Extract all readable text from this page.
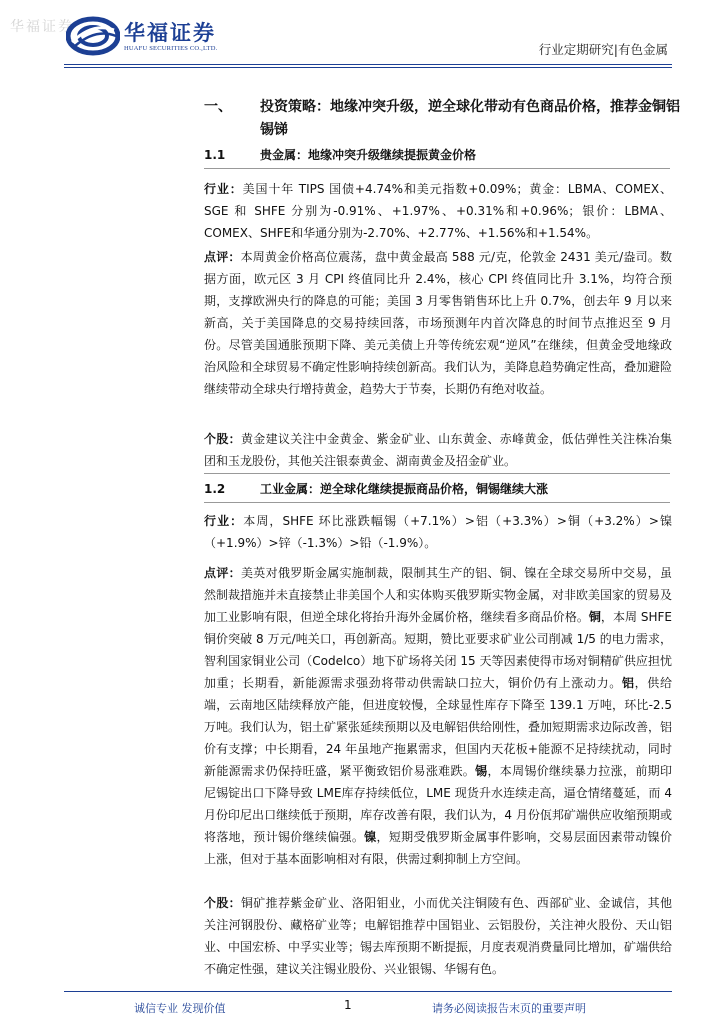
华福证券 华福证券
HUAFU SECURITIES CO.,LTD.	行业定期研究|有色金属
一、 投资策略：地缘冲突升级，逆全球化带动有色商品价格，推荐金铜铝锡锑
1.1	贵金属：地缘冲突升级继续提振黄金价格

行业：美国十年 TIPS 国债+4.74%和美元指数+0.09%；黄金：LBMA、COMEX、SGE 和 SHFE 分别为-0.91%、+1.97%、+0.31%和+0.96%；银价：LBMA、COMEX、SHFE和华通分别为-2.70%、+2.77%、+1.56%和+1.54%。

点评：本周黄金价格高位震荡，盘中黄金最高 588 元/克，伦敦金 2431 美元/盎司。数据方面，欧元区 3 月 CPI 终值同比升 2.4%，核心 CPI 终值同比升 3.1%，均符合预期，支撑欧洲央行的降息的可能；美国 3 月零售销售环比上升 0.7%，创去年 9 月以来新高，关于美国降息的交易持续回落，市场预测年内首次降息的时间节点推迟至 9 月份。尽管美国通胀预期下降、美元美债上升等传统宏观“逆风”在继续，但黄金受地缘政治风险和全球贸易不确定性影响持续创新高。我们认为，美降息趋势确定性高，叠加避险继续带动全球央行增持黄金，趋势大于节奏，长期仍有绝对收益。

个股：黄金建议关注中金黄金、紫金矿业、山东黄金、赤峰黄金，低估弹性关注株冶集团和玉龙股份，其他关注银泰黄金、湖南黄金及招金矿业。

1.2	工业金属：逆全球化继续提振商品价格，铜锡继续大涨

行业：本周，SHFE 环比涨跌幅锡（+7.1%）>铝（+3.3%）>铜（+3.2%）>镍（+1.9%）>锌（-1.3%）>铅（-1.9%）。

点评：美英对俄罗斯金属实施制裁，限制其生产的铝、铜、镍在全球交易所中交易，虽然制裁措施并未直接禁止非美国个人和实体购买俄罗斯实物金属，对非欧美国家的贸易及加工业影响有限，但逆全球化将抬升海外金属价格，继续看多商品价格。铜，本周 SHFE 铜价突破 8 万元/吨关口，再创新高。短期，赞比亚要求矿业公司削减 1/5 的电力需求，智利国家铜业公司（Codelco）地下矿场将关闭 15 天等因素使得市场对铜精矿供应担忧加重；长期看，新能源需求强劲将带动供需缺口拉大，铜价仍有上涨动力。铝，供给端，云南地区陆续释放产能，但进度较慢，全球显性库存下降至 139.1 万吨，环比-2.5 万吨。我们认为，铝土矿紧张延续预期以及电解铝供给刚性，叠加短期需求边际改善，铝价有支撑；中长期看，24 年虽地产拖累需求，但国内天花板+能源不足持续扰动，同时新能源需求仍保持旺盛，紧平衡致铝价易涨难跌。锡，本周锡价继续暴力拉涨，前期印尼锡锭出口下降导致 LME库存持续低位，LME 现货升水连续走高，逼仓情绪蔓延，而 4 月份印尼出口继续低于预期，库存改善有限，我们认为，4 月份佤邦矿端供应收缩预期或将落地，预计锡价继续偏强。镍，短期受俄罗斯金属事件影响，交易层面因素带动镍价上涨，但对于基本面影响相对有限，供需过剩抑制上方空间。

个股：铜矿推荐紫金矿业、洛阳钼业，小而优关注铜陵有色、西部矿业、金诚信，其他关注河钢股份、藏格矿业等；电解铝推荐中国铝业、云铝股份，关注神火股份、天山铝业、中国宏桥、中孚实业等；锡去库预期不断提振，月度表观消费量同比增加，矿端供给不确定性强，建议关注锡业股份、兴业银锡、华锡有色。

诚信专业 发现价值	1	请务必阅读报告末页的重要声明
